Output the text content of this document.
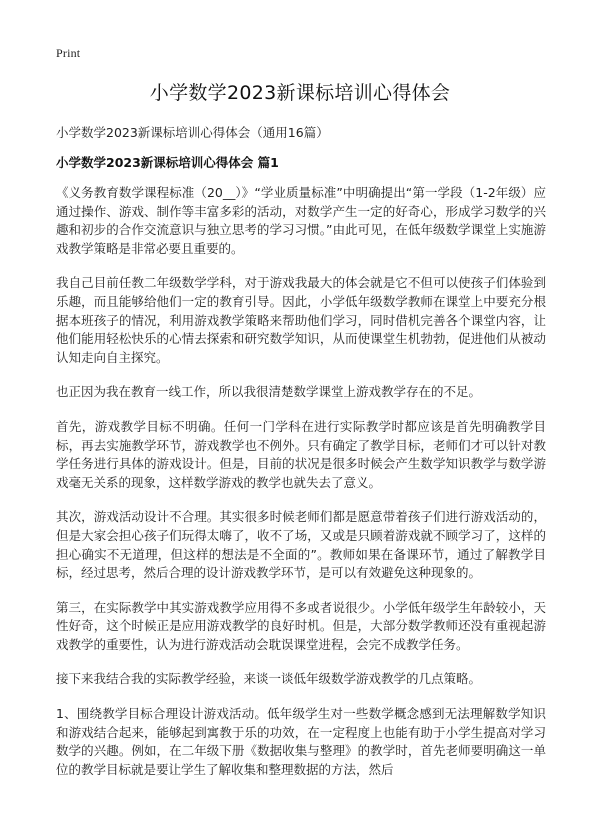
Print
小学数学2023新课标培训心得体会
小学数学2023新课标培训心得体会（通用16篇）
小学数学2023新课标培训心得体会 篇1

《义务教育数学课程标准（20__）》“学业质量标准”中明确提出“第一学段（1-2年级）应通过操作、游戏、制作等丰富多彩的活动，对数学产生一定的好奇心，形成学习数学的兴趣和初步的合作交流意识与独立思考的学习习惯。”由此可见，在低年级数学课堂上实施游戏教学策略是非常必要且重要的。

我自己目前任教二年级数学学科，对于游戏我最大的体会就是它不但可以使孩子们体验到乐趣，而且能够给他们一定的教育引导。因此，小学低年级数学教师在课堂上中要充分根据本班孩子的情况，利用游戏教学策略来帮助他们学习，同时借机完善各个课堂内容，让他们能用轻松快乐的心情去探索和研究数学知识，从而使课堂生机勃勃，促进他们从被动认知走向自主探究。

也正因为我在教育一线工作，所以我很清楚数学课堂上游戏教学存在的不足。

首先，游戏教学目标不明确。任何一门学科在进行实际教学时都应该是首先明确教学目标，再去实施教学环节，游戏教学也不例外。只有确定了教学目标，老师们才可以针对教学任务进行具体的游戏设计。但是，目前的状况是很多时候会产生数学知识教学与数学游戏毫无关系的现象，这样数学游戏的教学也就失去了意义。

其次，游戏活动设计不合理。其实很多时候老师们都是愿意带着孩子们进行游戏活动的，但是大家会担心孩子们玩得太嗨了，收不了场，又或是只顾着游戏就不顾学习了，这样的担心确实不无道理，但这样的想法是不全面的”。教师如果在备课环节，通过了解教学目标，经过思考，然后合理的设计游戏教学环节，是可以有效避免这种现象的。

第三，在实际教学中其实游戏教学应用得不多或者说很少。小学低年级学生年龄较小，天性好奇，这个时候正是应用游戏教学的良好时机。但是，大部分数学教师还没有重视起游戏教学的重要性，认为进行游戏活动会耽误课堂进程，会完不成教学任务。

接下来我结合我的实际教学经验，来谈一谈低年级数学游戏教学的几点策略。

1、围绕教学目标合理设计游戏活动。低年级学生对一些数学概念感到无法理解数学知识和游戏结合起来，能够起到寓教于乐的功效，在一定程度上也能有助于小学生提高对学习数学的兴趣。例如，在二年级下册《数据收集与整理》的教学时，首先老师要明确这一单位的教学目标就是要让学生了解收集和整理数据的方法，然后
